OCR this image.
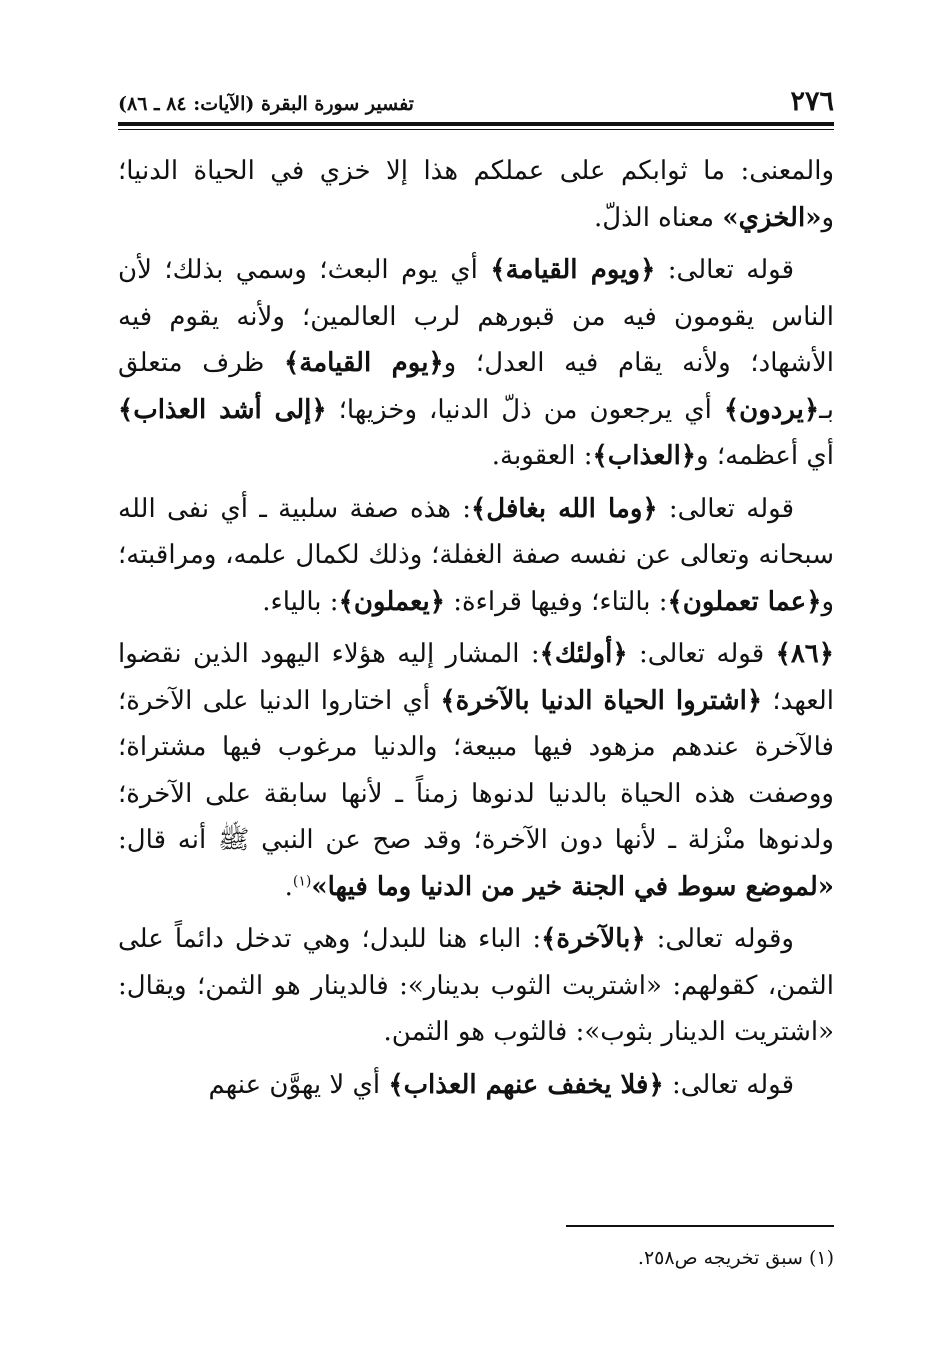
٢٧٦
تفسير سورة البقرة (الآيات: ٨٤ ـ ٨٦)

والمعنى: ما ثوابكم على عملكم هذا إلا خزي في الحياة الدنيا؛ و«الخزي» معناه الذلّ.

قوله تعالى: ﴿ويوم القيامة﴾ أي يوم البعث؛ وسمي بذلك؛ لأن الناس يقومون فيه من قبورهم لرب العالمين؛ ولأنه يقوم فيه الأشهاد؛ ولأنه يقام فيه العدل؛ و﴿يوم القيامة﴾ ظرف متعلق بـ﴿يردون﴾ أي يرجعون من ذلّ الدنيا، وخزيها؛ ﴿إلى أشد العذاب﴾ أي أعظمه؛ و﴿العذاب﴾: العقوبة.

قوله تعالى: ﴿وما الله بغافل﴾: هذه صفة سلبية ـ أي نفى الله سبحانه وتعالى عن نفسه صفة الغفلة؛ وذلك لكمال علمه، ومراقبته؛ و﴿عما تعملون﴾: بالتاء؛ وفيها قراءة: ﴿يعملون﴾: بالياء.

﴿٨٦﴾ قوله تعالى: ﴿أولئك﴾: المشار إليه هؤلاء اليهود الذين نقضوا العهد؛ ﴿اشتروا الحياة الدنيا بالآخرة﴾ أي اختاروا الدنيا على الآخرة؛ فالآخرة عندهم مزهود فيها مبيعة؛ والدنيا مرغوب فيها مشتراة؛ ووصفت هذه الحياة بالدنيا لدنوها زمناً ـ لأنها سابقة على الآخرة؛ ولدنوها منْزلة ـ لأنها دون الآخرة؛ وقد صح عن النبي ﷺ أنه قال: «لموضع سوط في الجنة خير من الدنيا وما فيها»$^{(١)}$.

وقوله تعالى: ﴿بالآخرة﴾: الباء هنا للبدل؛ وهي تدخل دائماً على الثمن، كقولهم: «اشتريت الثوب بدينار»: فالدينار هو الثمن؛ ويقال: «اشتريت الدينار بثوب»: فالثوب هو الثمن.

قوله تعالى: ﴿فلا يخفف عنهم العذاب﴾ أي لا يهوَّن عنهم

(١) سبق تخريجه ص٢٥٨.
